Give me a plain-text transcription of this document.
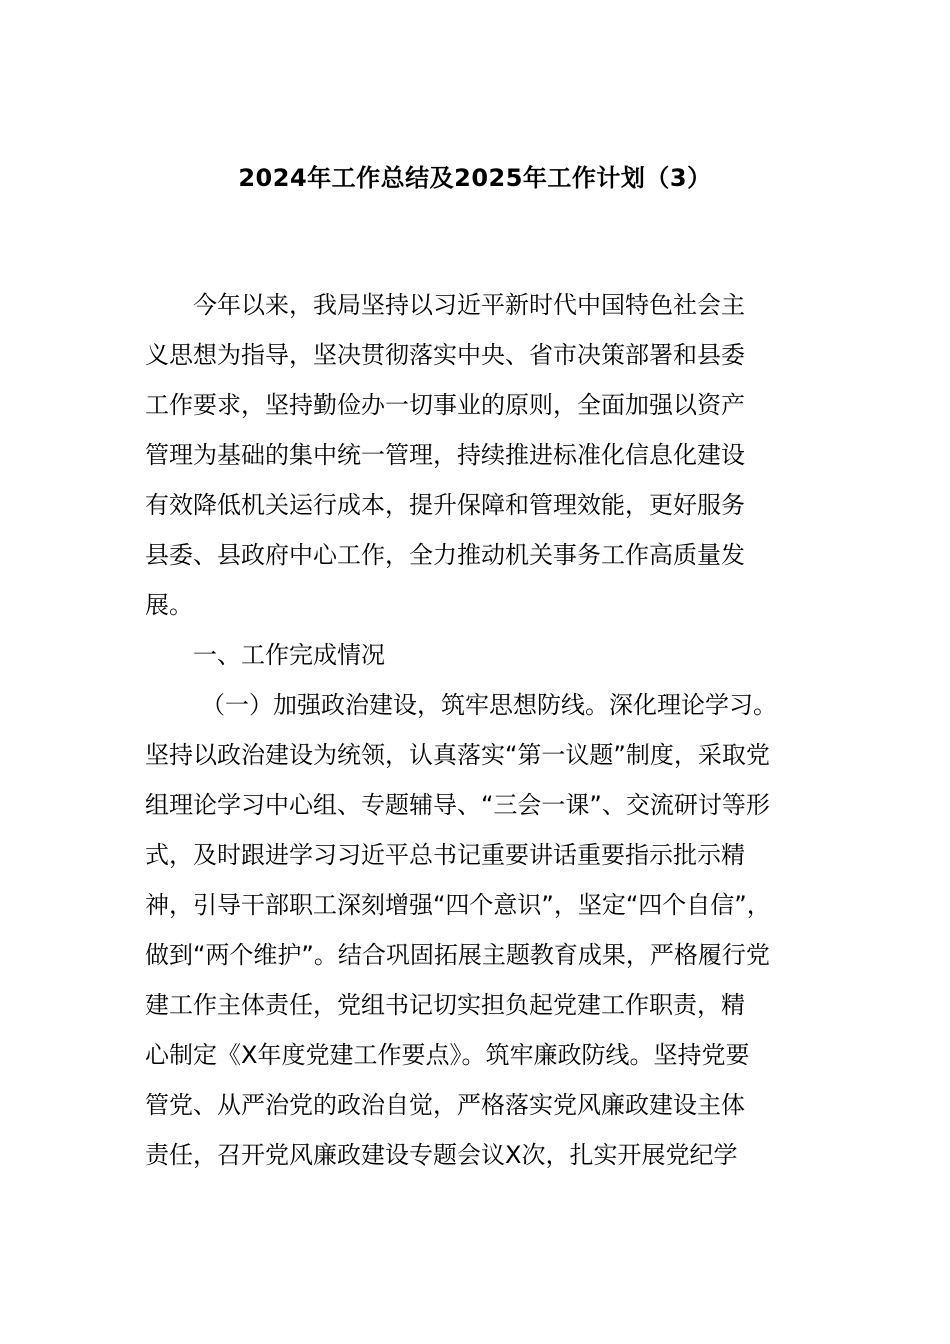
2024年工作总结及2025年工作计划（3）
今年以来，我局坚持以习近平新时代中国特色社会主
义思想为指导，坚决贯彻落实中央、省市决策部署和县委
工作要求，坚持勤俭办一切事业的原则，全面加强以资产
管理为基础的集中统一管理，持续推进标准化信息化建设
有效降低机关运行成本，提升保障和管理效能，更好服务
县委、县政府中心工作，全力推动机关事务工作高质量发
展。
一、工作完成情况
（一）加强政治建设，筑牢思想防线。深化理论学习。
坚持以政治建设为统领，认真落实“第一议题”制度，采取党
组理论学习中心组、专题辅导、“三会一课”、交流研讨等形
式，及时跟进学习习近平总书记重要讲话重要指示批示精
神，引导干部职工深刻增强“四个意识”，坚定“四个自信”，
做到“两个维护”。结合巩固拓展主题教育成果，严格履行党
建工作主体责任，党组书记切实担负起党建工作职责，精
心制定《X年度党建工作要点》。筑牢廉政防线。坚持党要
管党、从严治党的政治自觉，严格落实党风廉政建设主体
责任，召开党风廉政建设专题会议X次，扎实开展党纪学
